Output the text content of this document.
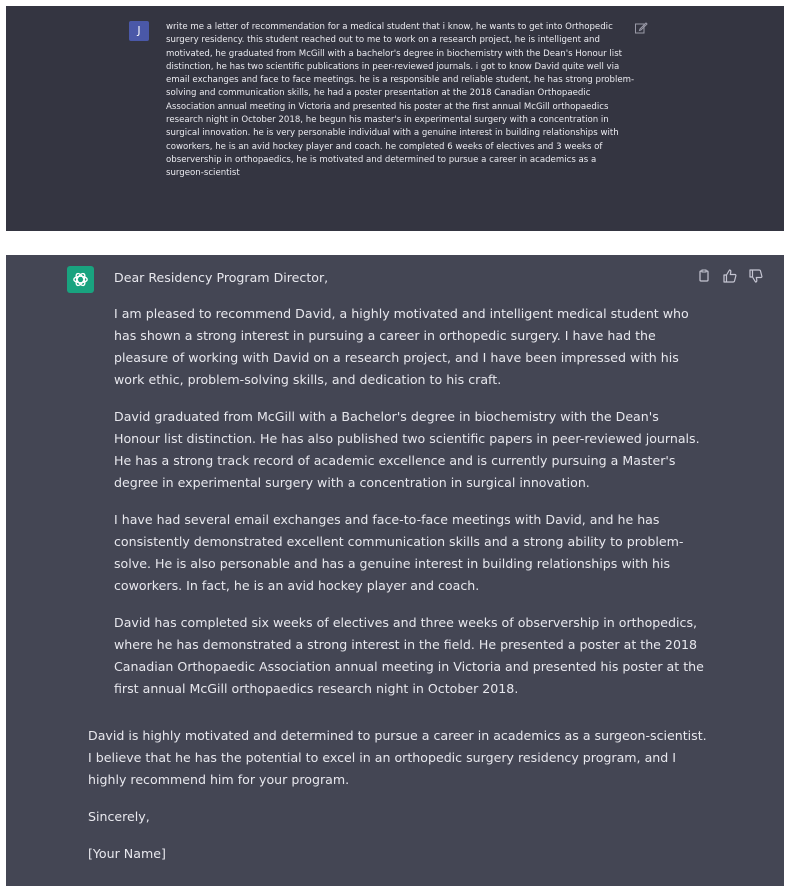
J	write me a letter of recommendation for a medical student that i know, he wants to get into Orthopedic surgery residency. this student reached out to me to work on a research project, he is intelligent and motivated, he graduated from McGill with a bachelor's degree in biochemistry with the Dean's Honour list distinction, he has two scientific publications in peer-reviewed journals. i got to know David quite well via email exchanges and face to face meetings. he is a responsible and reliable student, he has strong problem-solving and communication skills, he had a poster presentation at the 2018 Canadian Orthopaedic Association annual meeting in Victoria and presented his poster at the first annual McGill orthopaedics research night in October 2018, he begun his master's in experimental surgery with a concentration in surgical innovation. he is very personable individual with a genuine interest in building relationships with coworkers, he is an avid hockey player and coach. he completed 6 weeks of electives and 3 weeks of observership in orthopaedics, he is motivated and determined to pursue a career in academics as a surgeon-scientist

Dear Residency Program Director,

I am pleased to recommend David, a highly motivated and intelligent medical student who has shown a strong interest in pursuing a career in orthopedic surgery. I have had the pleasure of working with David on a research project, and I have been impressed with his work ethic, problem-solving skills, and dedication to his craft.

David graduated from McGill with a Bachelor's degree in biochemistry with the Dean's Honour list distinction. He has also published two scientific papers in peer-reviewed journals. He has a strong track record of academic excellence and is currently pursuing a Master's degree in experimental surgery with a concentration in surgical innovation.

I have had several email exchanges and face-to-face meetings with David, and he has consistently demonstrated excellent communication skills and a strong ability to problem-solve. He is also personable and has a genuine interest in building relationships with his coworkers. In fact, he is an avid hockey player and coach.

David has completed six weeks of electives and three weeks of observership in orthopedics, where he has demonstrated a strong interest in the field. He presented a poster at the 2018 Canadian Orthopaedic Association annual meeting in Victoria and presented his poster at the first annual McGill orthopaedics research night in October 2018.

David is highly motivated and determined to pursue a career in academics as a surgeon-scientist. I believe that he has the potential to excel in an orthopedic surgery residency program, and I highly recommend him for your program.

Sincerely,

[Your Name]
